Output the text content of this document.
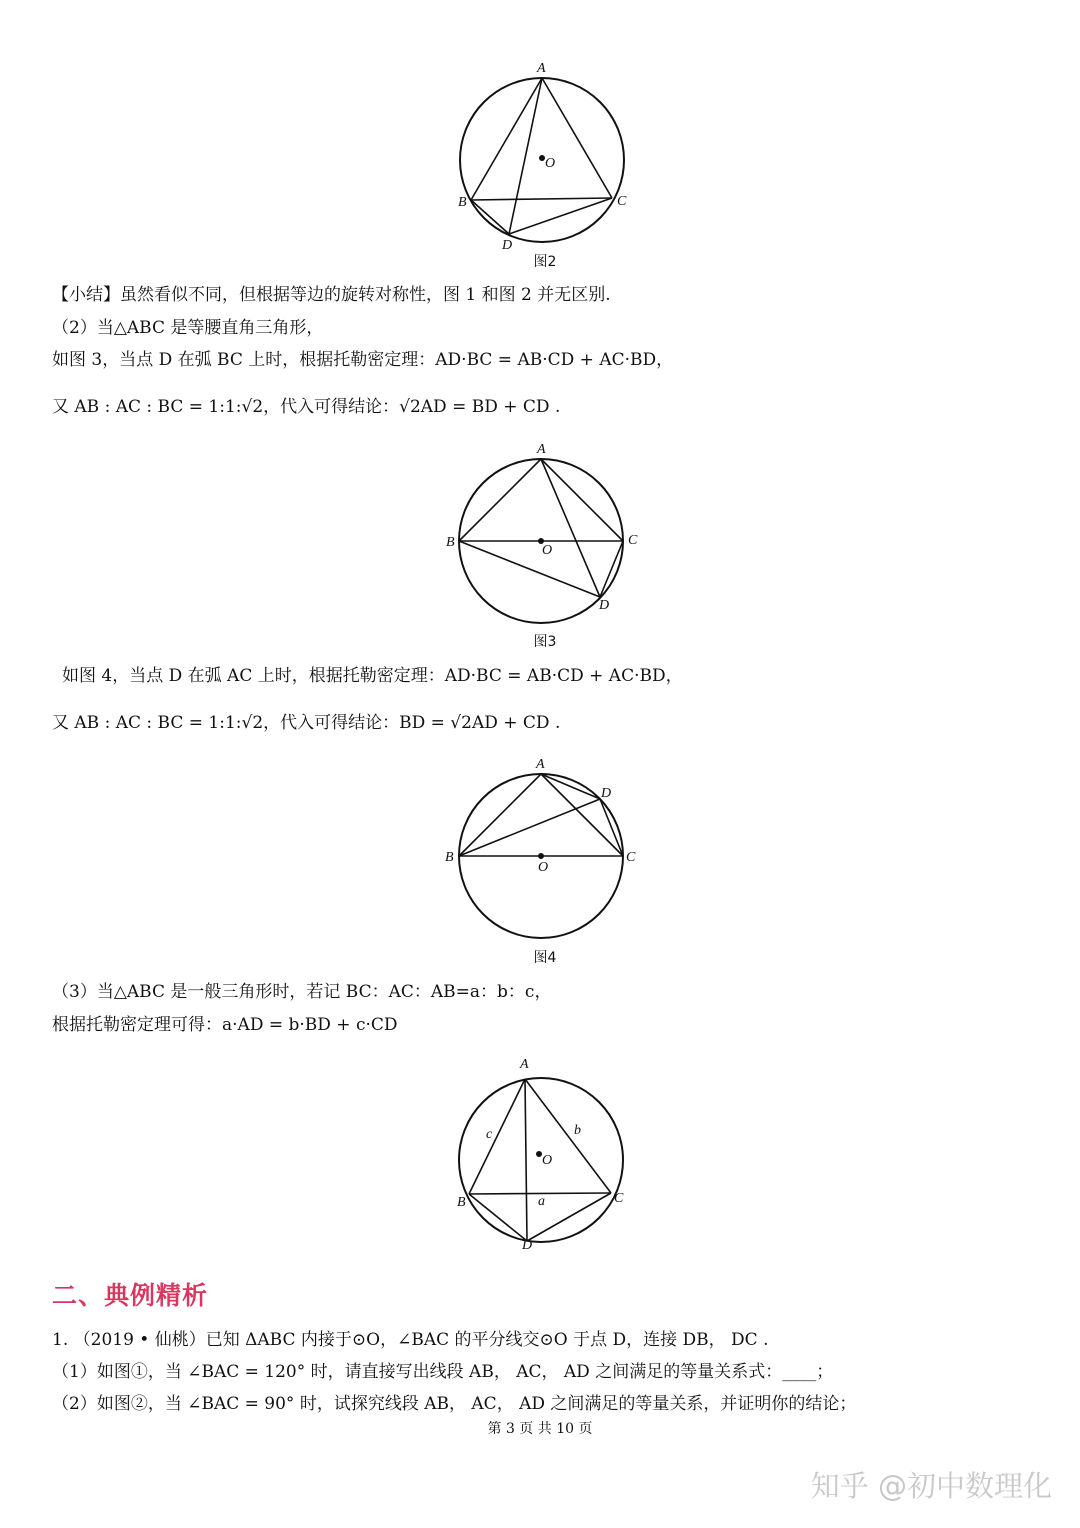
A
B	C
D
O
图2
【小结】虽然看似不同，但根据等边的旋转对称性，图 1 和图 2 并无区别.
（2）当△ABC 是等腰直角三角形，
如图 3，当点 D 在弧 BC 上时，根据托勒密定理：AD·BC = AB·CD + AC·BD，
又 AB : AC : BC = 1:1:√2，代入可得结论：√2AD = BD + CD .
A
B	C
D
O
图3
如图 4，当点 D 在弧 AC 上时，根据托勒密定理：AD·BC = AB·CD + AC·BD，
又 AB : AC : BC = 1:1:√2，代入可得结论：BD = √2AD + CD .
A
B	C
D
O
图4
（3）当△ABC 是一般三角形时，若记 BC：AC：AB=a：b：c，
根据托勒密定理可得：a·AD = b·BD + c·CD
A
B	C
D
O
a
b
c
二、典例精析
1. （2019 • 仙桃）已知 ΔABC 内接于⊙O，∠BAC 的平分线交⊙O 于点 D，连接 DB， DC .
（1）如图①，当 ∠BAC = 120° 时，请直接写出线段 AB， AC， AD 之间满足的等量关系式：____；
（2）如图②，当 ∠BAC = 90° 时，试探究线段 AB， AC， AD 之间满足的等量关系，并证明你的结论；
第 3 页 共 10 页
知乎 @初中数理化
